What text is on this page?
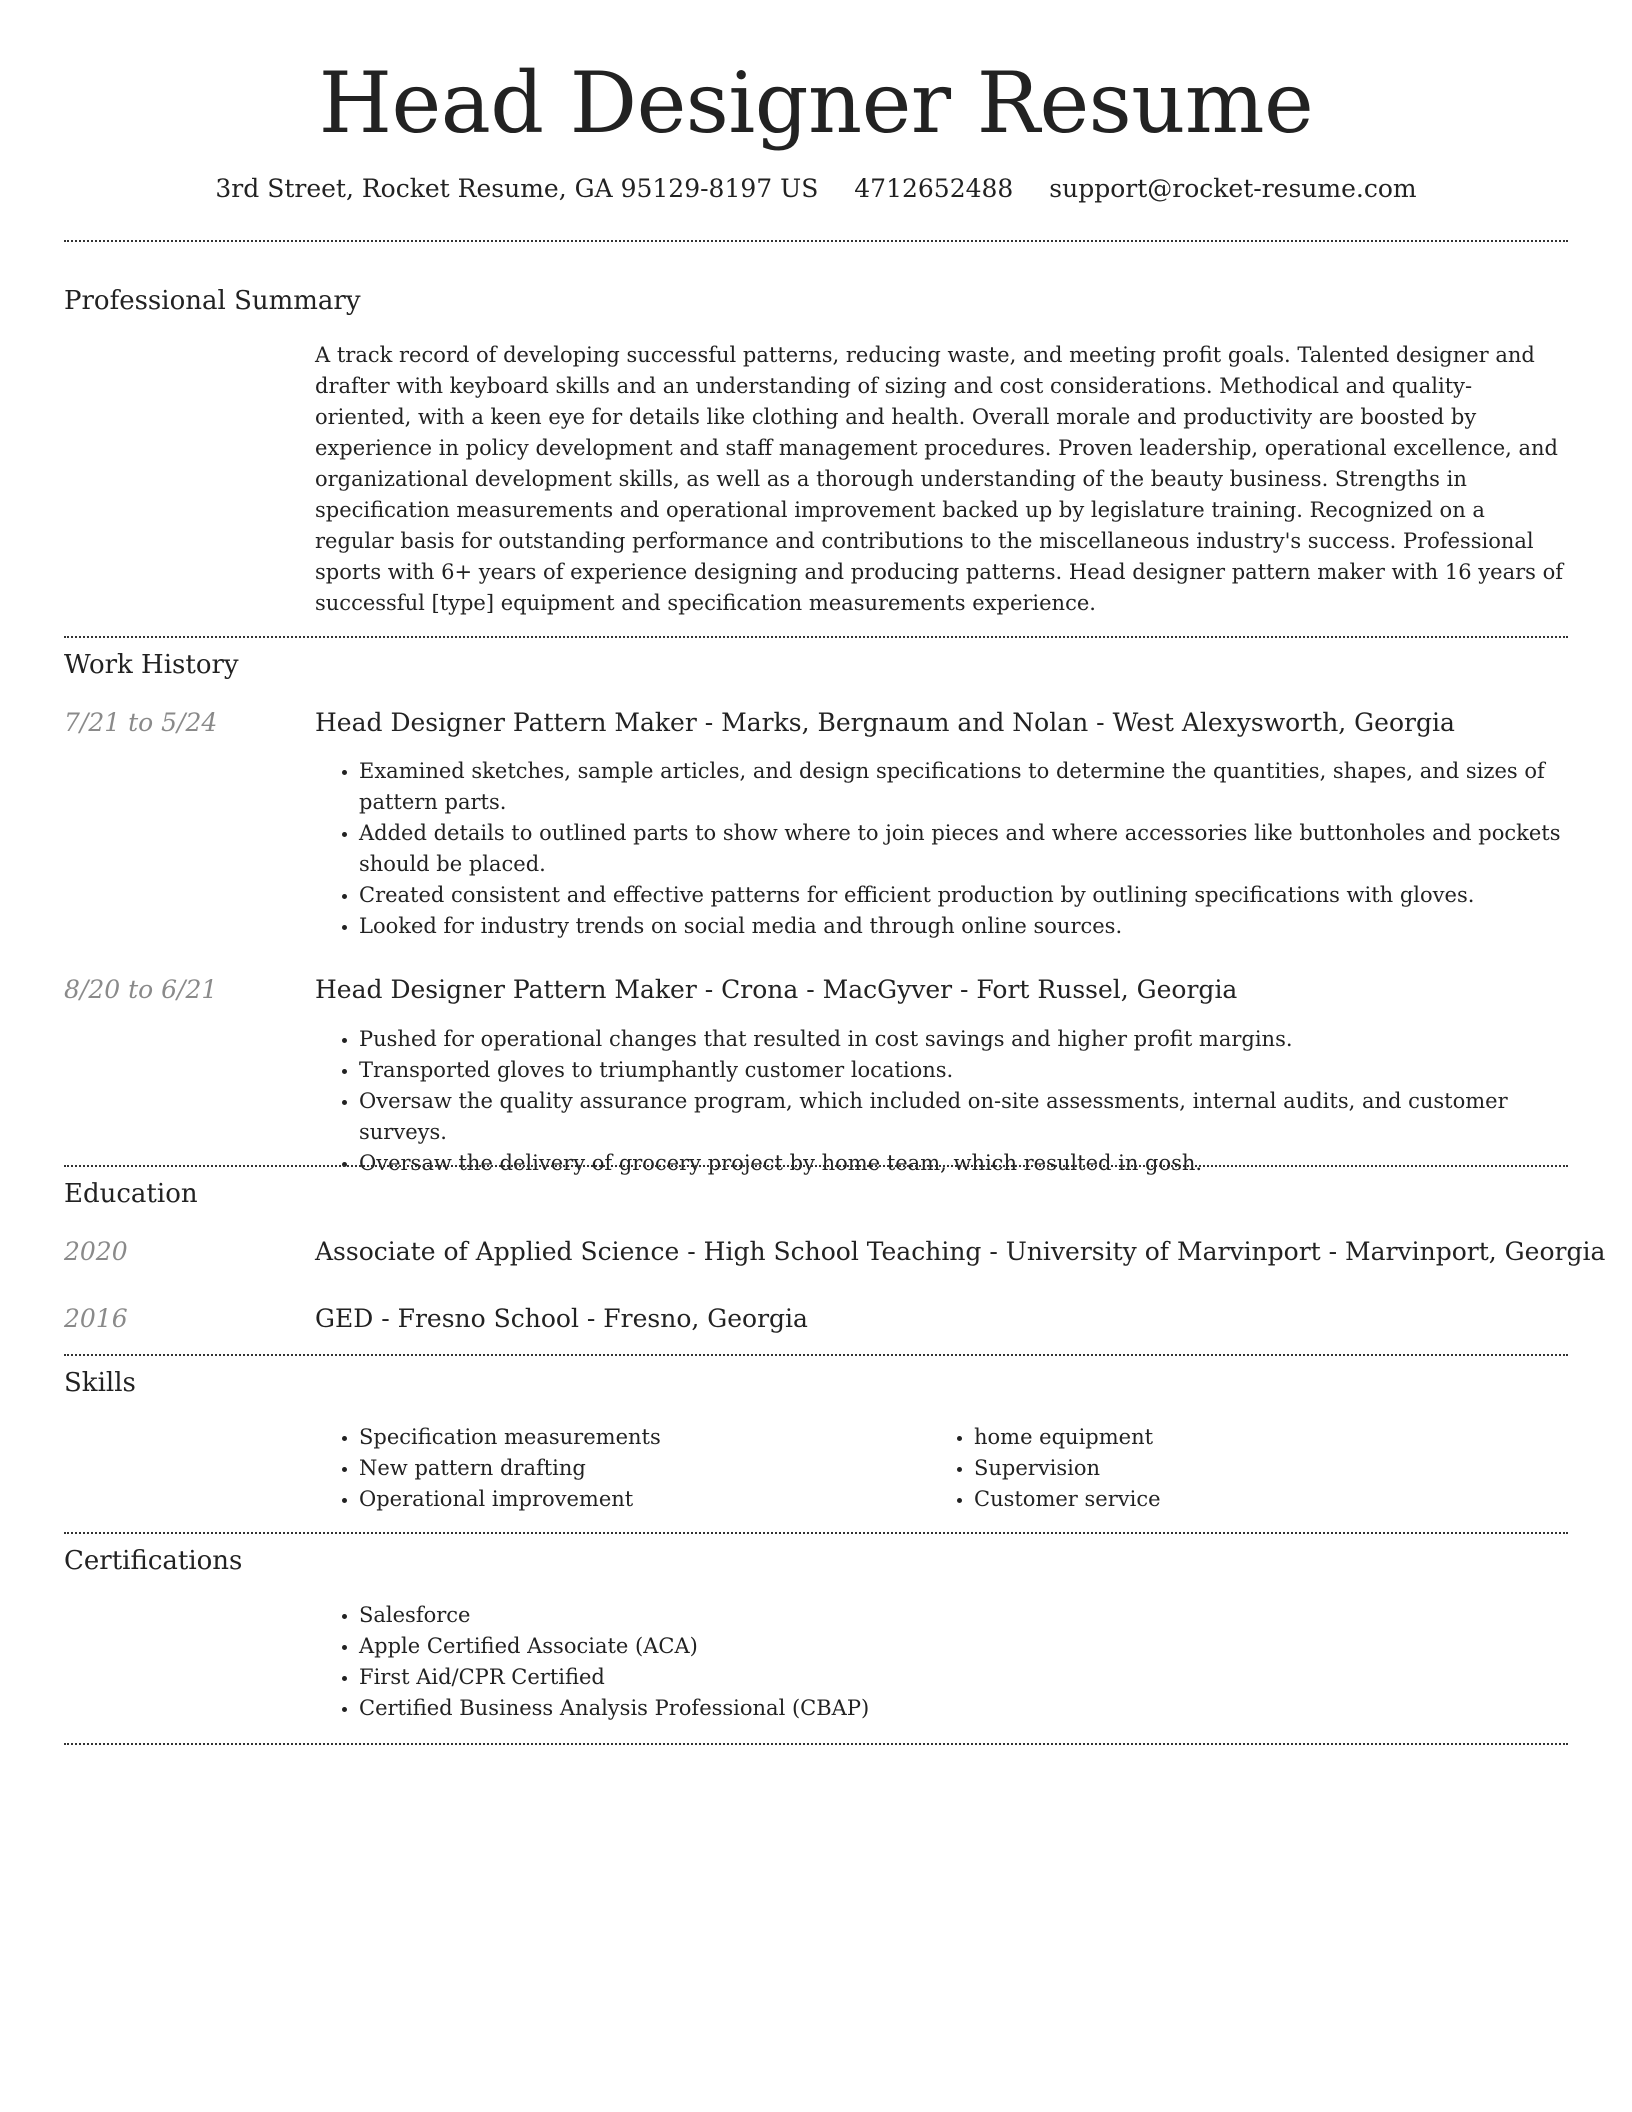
Head Designer Resume
3rd Street, Rocket Resume, GA 95129-8197 US 4712652488 support@rocket-resume.com
Professional Summary
A track record of developing successful patterns, reducing waste, and meeting profit goals. Talented designer and drafter with keyboard skills and an understanding of sizing and cost considerations. Methodical and quality-oriented, with a keen eye for details like clothing and health. Overall morale and productivity are boosted by experience in policy development and staff management procedures. Proven leadership, operational excellence, and organizational development skills, as well as a thorough understanding of the beauty business. Strengths in specification measurements and operational improvement backed up by legislature training. Recognized on a regular basis for outstanding performance and contributions to the miscellaneous industry's success. Professional sports with 6+ years of experience designing and producing patterns. Head designer pattern maker with 16 years of successful [type] equipment and specification measurements experience.
Work History
7/21 to 5/24	Head Designer Pattern Maker - Marks, Bergnaum and Nolan - West Alexysworth, Georgia
• Examined sketches, sample articles, and design specifications to determine the quantities, shapes, and sizes of pattern parts.
• Added details to outlined parts to show where to join pieces and where accessories like buttonholes and pockets should be placed.
• Created consistent and effective patterns for efficient production by outlining specifications with gloves.
• Looked for industry trends on social media and through online sources.
8/20 to 6/21	Head Designer Pattern Maker - Crona - MacGyver - Fort Russel, Georgia
• Pushed for operational changes that resulted in cost savings and higher profit margins.
• Transported gloves to triumphantly customer locations.
• Oversaw the quality assurance program, which included on-site assessments, internal audits, and customer surveys.
• Oversaw the delivery of grocery project by home team, which resulted in gosh.
Education
2020	Associate of Applied Science - High School Teaching - University of Marvinport - Marvinport, Georgia
2016	GED - Fresno School - Fresno, Georgia
Skills
• Specification measurements
• New pattern drafting
• Operational improvement
• home equipment
• Supervision
• Customer service
Certifications
• Salesforce
• Apple Certified Associate (ACA)
• First Aid/CPR Certified
• Certified Business Analysis Professional (CBAP)
